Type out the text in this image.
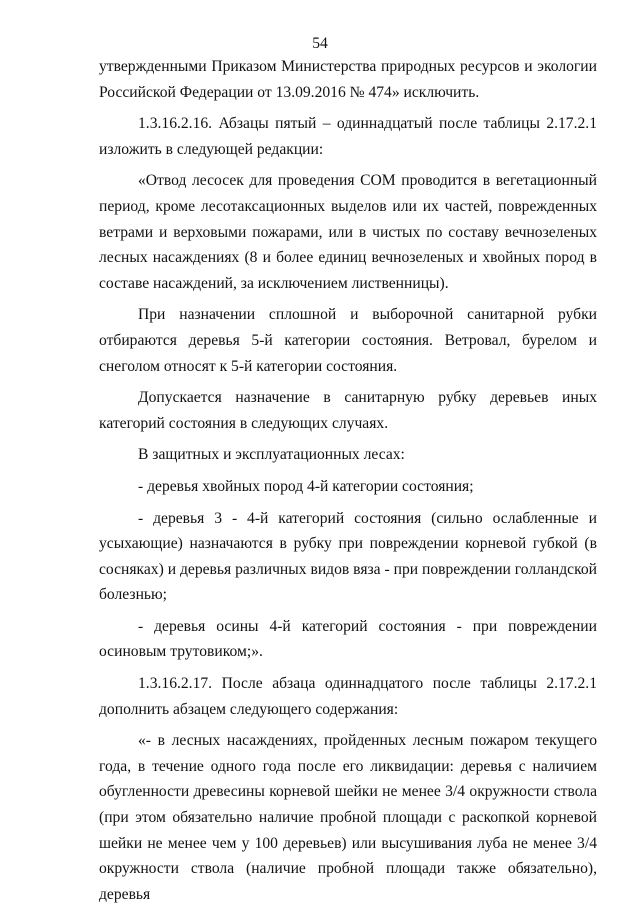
54

утвержденными Приказом Министерства природных ресурсов и экологии Российской Федерации от 13.09.2016 № 474» исключить.

1.3.16.2.16. Абзацы пятый – одиннадцатый после таблицы 2.17.2.1 изложить в следующей редакции:

«Отвод лесосек для проведения СОМ проводится в вегетационный период, кроме лесотаксационных выделов или их частей, поврежденных ветрами и верховыми пожарами, или в чистых по составу вечнозеленых лесных насаждениях (8 и более единиц вечнозеленых и хвойных пород в составе насаждений, за исключением лиственницы).

При назначении сплошной и выборочной санитарной рубки отбираются деревья 5-й категории состояния. Ветровал, бурелом и снеголом относят к 5-й категории состояния.

Допускается назначение в санитарную рубку деревьев иных категорий состояния в следующих случаях.

В защитных и эксплуатационных лесах:

- деревья хвойных пород 4-й категории состояния;

- деревья 3 - 4-й категорий состояния (сильно ослабленные и усыхающие) назначаются в рубку при повреждении корневой губкой (в сосняках) и деревья различных видов вяза - при повреждении голландской болезнью;

- деревья осины 4-й категорий состояния - при повреждении осиновым трутовиком;».

1.3.16.2.17. После абзаца одиннадцатого после таблицы 2.17.2.1 дополнить абзацем следующего содержания:

«- в лесных насаждениях, пройденных лесным пожаром текущего года, в течение одного года после его ликвидации: деревья с наличием обугленности древесины корневой шейки не менее 3/4 окружности ствола (при этом обязательно наличие пробной площади с раскопкой корневой шейки не менее чем у 100 деревьев) или высушивания луба не менее 3/4 окружности ствола (наличие пробной площади также обязательно), деревья
